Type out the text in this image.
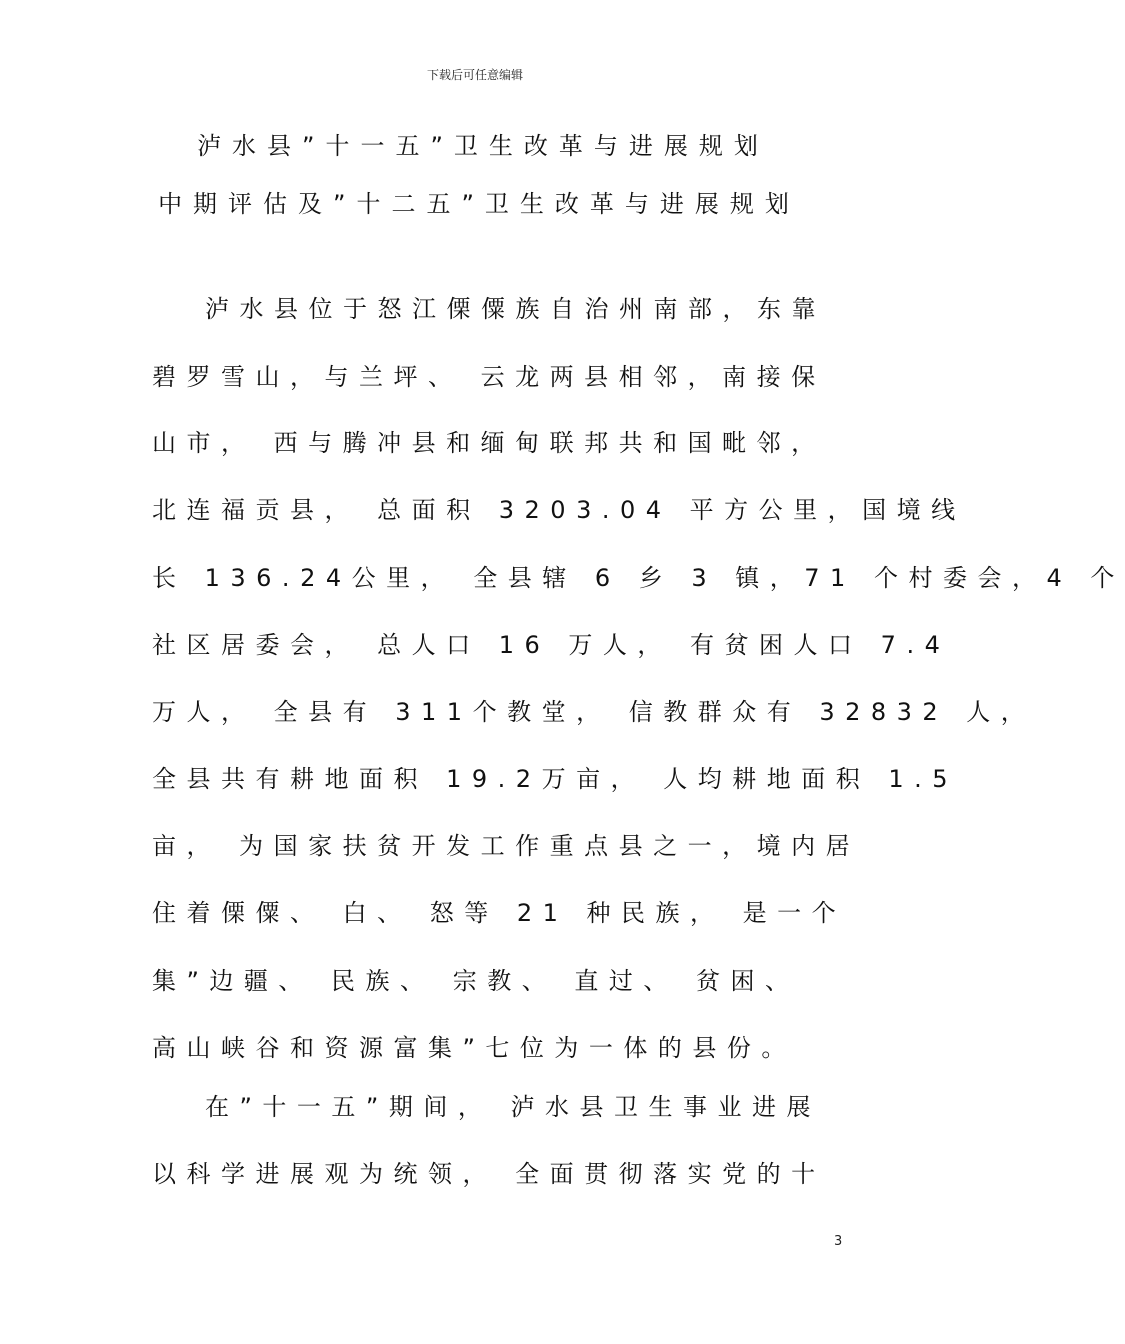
下载后可任意编辑
泸水县”十一五”卫生改革与进展规划
中期评估及”十二五”卫生改革与进展规划
泸水县位于怒江傈僳族自治州南部，东靠
碧罗雪山，与兰坪、 云龙两县相邻，南接保
山市， 西与腾冲县和缅甸联邦共和国毗邻，
北连福贡县， 总面积 3203.04 平方公里，国境线
长 136.24公里， 全县辖 6 乡 3 镇，71 个村委会，4 个
社区居委会， 总人口 16 万人， 有贫困人口 7.4
万人， 全县有 311个教堂， 信教群众有 32832 人，
全县共有耕地面积 19.2万亩， 人均耕地面积 1.5
亩， 为国家扶贫开发工作重点县之一，境内居
住着傈僳、 白、 怒等 21 种民族， 是一个
集”边疆、 民族、 宗教、 直过、 贫困、
高山峡谷和资源富集”七位为一体的县份。
在”十一五”期间， 泸水县卫生事业进展
以科学进展观为统领， 全面贯彻落实党的十
3
